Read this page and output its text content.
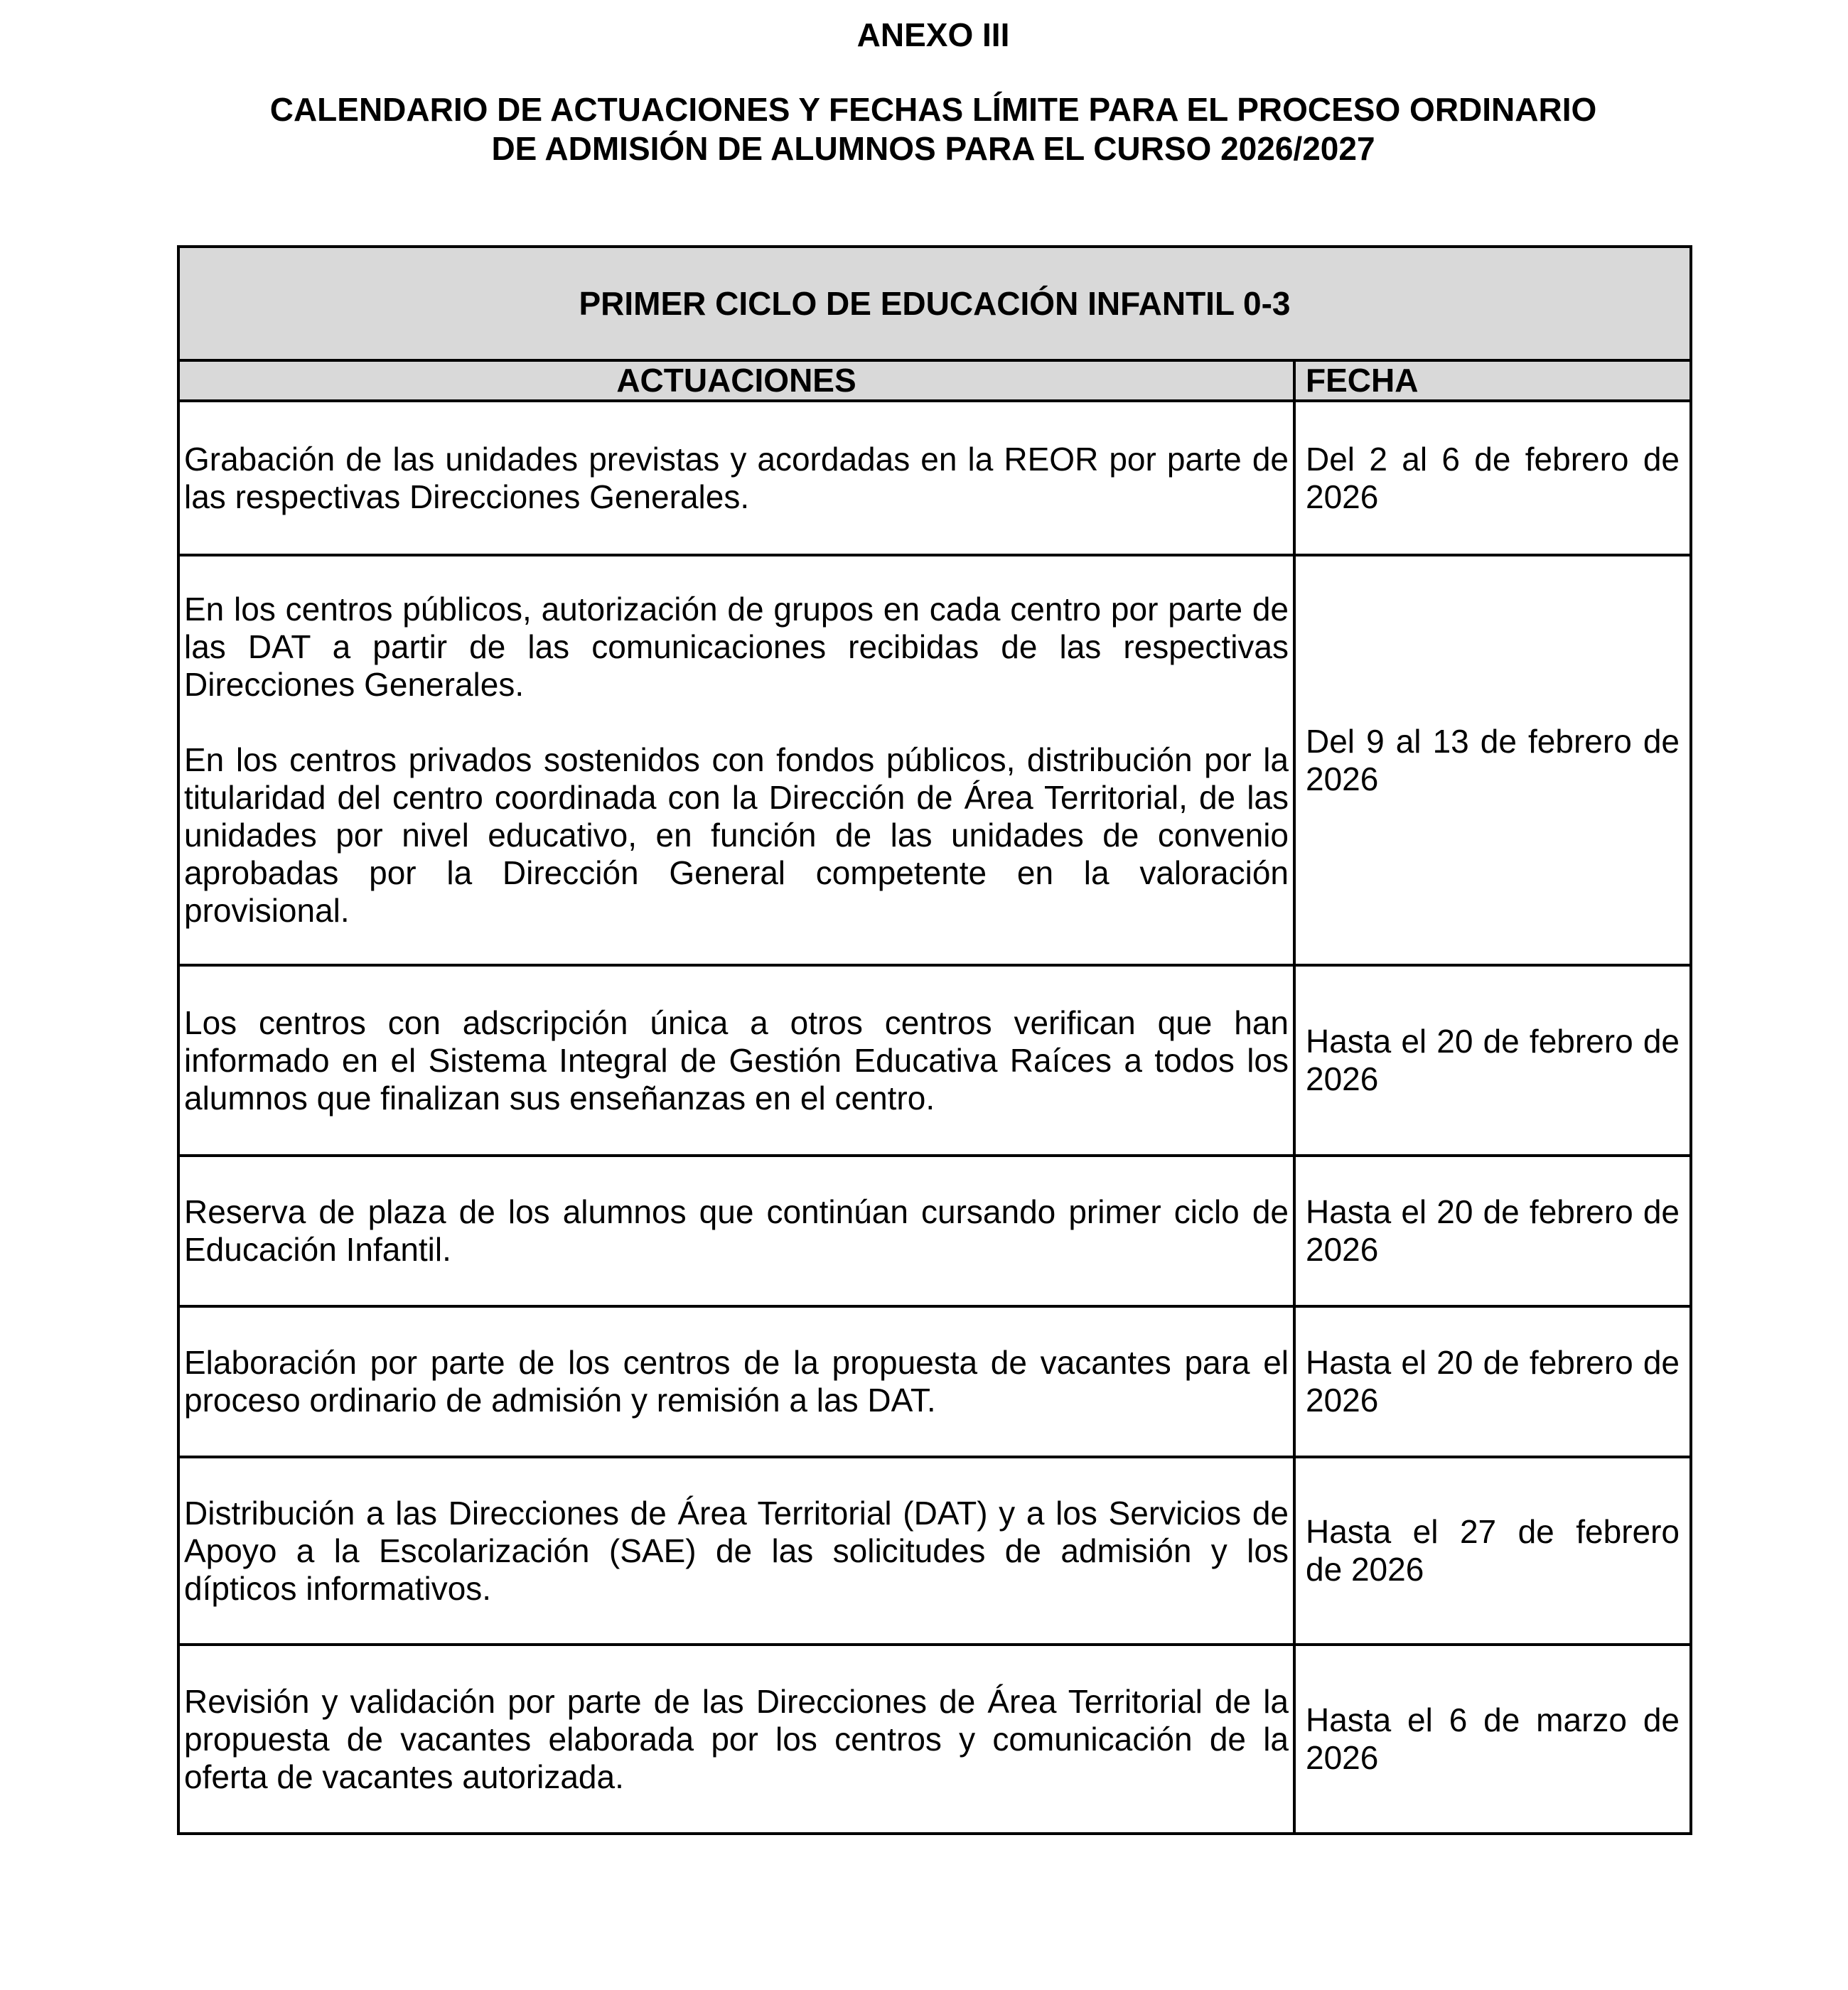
ANEXO III

CALENDARIO DE ACTUACIONES Y FECHAS LÍMITE PARA EL PROCESO ORDINARIO DE ADMISIÓN DE ALUMNOS PARA EL CURSO 2026/2027

PRIMER CICLO DE EDUCACIÓN INFANTIL 0-3	
ACTUACIONES	FECHA

Grabación de las unidades previstas y acordadas en la REOR por parte de las respectivas Direcciones Generales.	Del 2 al 6 de febrero de 2026

En los centros públicos, autorización de grupos en cada centro por parte de las DAT a partir de las comunicaciones recibidas de las respectivas Direcciones Generales.

En los centros privados sostenidos con fondos públicos, distribución por la titularidad del centro coordinada con la Dirección de Área Territorial, de las unidades por nivel educativo, en función de las unidades de convenio aprobadas por la Dirección General competente en la valoración provisional.	Del 9 al 13 de febrero de 2026

Los centros con adscripción única a otros centros verifican que han informado en el Sistema Integral de Gestión Educativa Raíces a todos los alumnos que finalizan sus enseñanzas en el centro.	Hasta el 20 de febrero de 2026

Reserva de plaza de los alumnos que continúan cursando primer ciclo de Educación Infantil.	Hasta el 20 de febrero de 2026

Elaboración por parte de los centros de la propuesta de vacantes para el proceso ordinario de admisión y remisión a las DAT.	Hasta el 20 de febrero de 2026

Distribución a las Direcciones de Área Territorial (DAT) y a los Servicios de Apoyo a la Escolarización (SAE) de las solicitudes de admisión y los dípticos informativos.	Hasta el 27 de febrero de 2026

Revisión y validación por parte de las Direcciones de Área Territorial de la propuesta de vacantes elaborada por los centros y comunicación de la oferta de vacantes autorizada.	Hasta el 6 de marzo de 2026
